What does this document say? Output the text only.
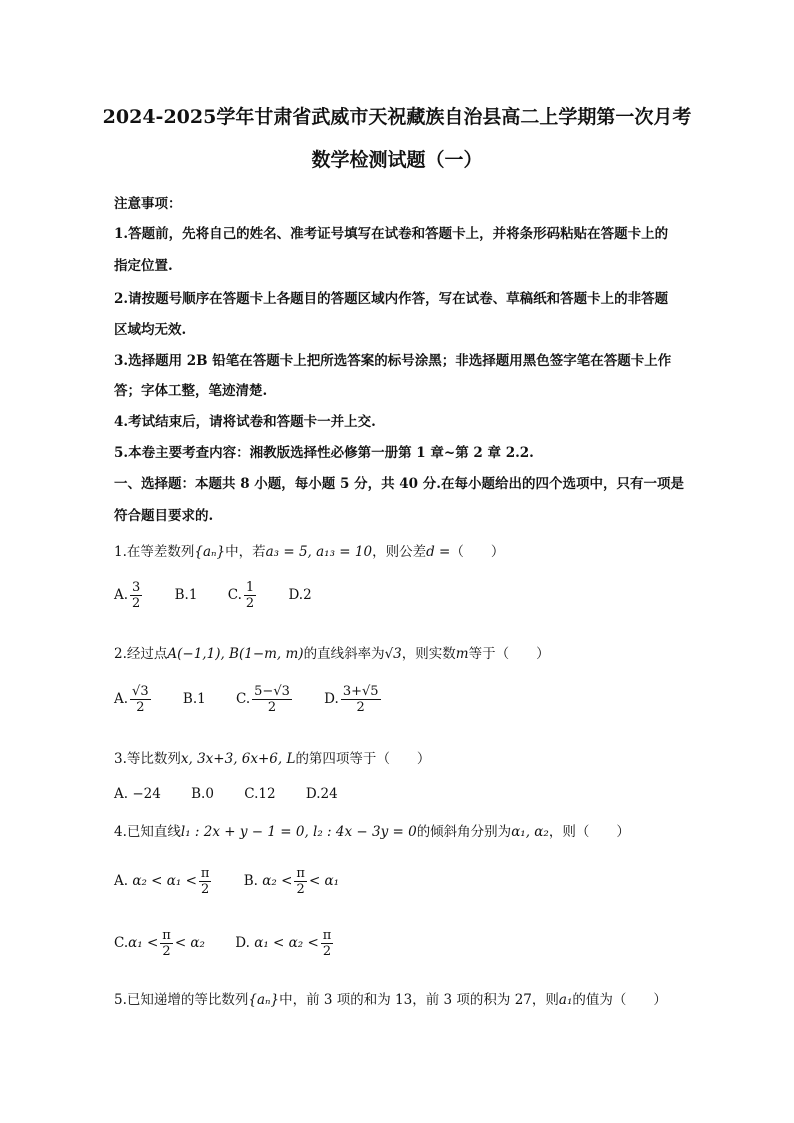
2024-2025学年甘肃省武威市天祝藏族自治县高二上学期第一次月考
数学检测试题（一）
注意事项：
1.答题前，先将自己的姓名、准考证号填写在试卷和答题卡上，并将条形码粘贴在答题卡上的
指定位置.
2.请按题号顺序在答题卡上各题目的答题区域内作答，写在试卷、草稿纸和答题卡上的非答题
区域均无效.
3.选择题用 2B 铅笔在答题卡上把所选答案的标号涂黑；非选择题用黑色签字笔在答题卡上作
答；字体工整，笔迹清楚.
4.考试结束后，请将试卷和答题卡一并上交.
5.本卷主要考查内容：湘教版选择性必修第一册第 1 章~第 2 章 2.2.
一、选择题：本题共 8 小题，每小题 5 分，共 40 分.在每小题给出的四个选项中，只有一项是
符合题目要求的.
1.在等差数列{aₙ}中，若a₃ = 5, a₁₃ = 10，则公差d =（　　）
A. $\frac{3}{2} B.1$ C. $\frac{1}{2} D.2$
2.经过点A(−1,1), B(1−m, m)的直线斜率为√3，则实数m等于（　　）
A. $\frac{√3}{2} B.1$ C. $\frac{5-√3}{2} D$. $\frac{3+√5}{2}$
3.等比数列x, 3x+3, 6x+6, L的第四项等于（　　）
A. −24 B.0 C.12 D.24
4.已知直线l₁ : 2x + y − 1 = 0, l₂ : 4x − 3y = 0的倾斜角分别为α₁, α₂，则（　　）
A. $\alpha_2 < \alpha_1 < \frac{\pi}{2} B$. $\alpha_2 < \frac{\pi}{2} < \alpha_1$
$C.\alpha_1 < \frac{\pi}{2} < \alpha_2$ D. $\alpha_1 < \alpha_2 < \frac{\pi}{2}$
5.已知递增的等比数列{aₙ}中，前 3 项的和为 13，前 3 项的积为 27，则a₁的值为（　　）
